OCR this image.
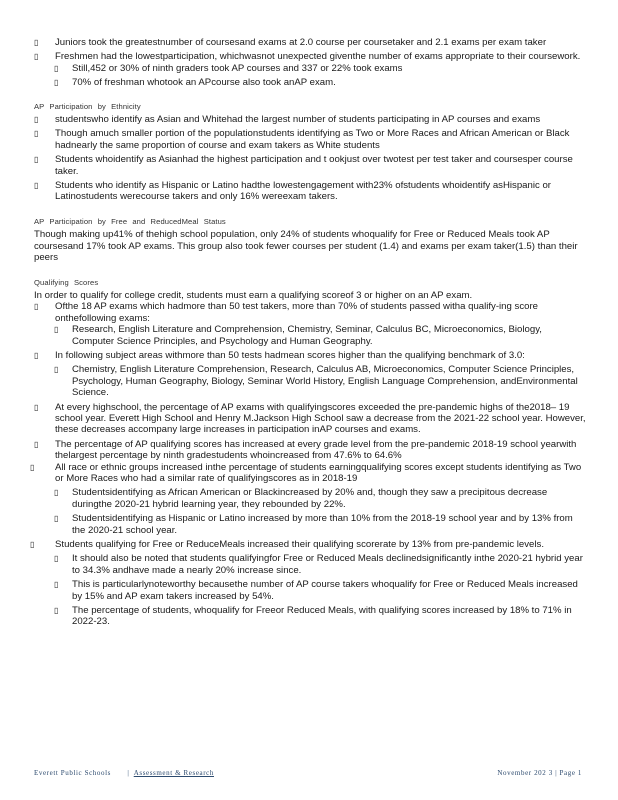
▯ Juniors took the greatestnumber of coursesand exams at 2.0 course per coursetaker and 2.1 exams per exam taker

▯ Freshmen had the lowestparticipation, whichwasnot unexpected giventhe number of exams appropriate to their coursework.

▯ Still,452 or 30% of ninth graders took AP courses and 337 or 22% took exams

▯ 70% of freshman whotook an APcourse also took anAP exam.

AP Participation by Ethnicity

▯ studentswho identify as Asian and Whitehad the largest number of students participating in AP courses and exams

▯ Though amuch smaller portion of the populationstudents identifying as Two or More Races and African American or Black hadnearly the same proportion of course and exam takers as White students

▯ Students whoidentify as Asianhad the highest participation and t ookjust over twotest per test taker and coursesper course taker.

▯ Students who identify as Hispanic or Latino hadthe lowestengagement with23% ofstudents whoidentify asHispanic or Latinostudents werecourse takers and only 16% wereexam takers.

AP Participation by Free and ReducedMeal Status

Though making up41% of thehigh school population, only 24% of students whoqualify for Free or Reduced Meals took AP coursesand 17% took AP exams. This group also took fewer courses per student (1.4) and exams per exam taker(1.5) than their peers

Qualifying Scores

In order to qualify for college credit, students must earn a qualifying scoreof 3 or higher on an AP exam.

▯ Ofthe 18 AP exams which hadmore than 50 test takers, more than 70% of students passed witha qualify-ing score onthefollowing exams:

▯ Research, English Literature and Comprehension, Chemistry, Seminar, Calculus BC, Microeconomics, Biology, Computer Science Principles, and Psychology and Human Geography.

▯ In following subject areas withmore than 50 tests hadmean scores higher than the qualifying benchmark of 3.0:

▯ Chemistry, English Literature Comprehension, Research, Calculus AB, Microeconomics, Computer Science Principles, Psychology, Human Geography, Biology, Seminar World History, English Language Comprehension, andEnvironmental Science.

▯ At every highschool, the percentage of AP exams with qualifyingscores exceeded the pre-pandemic highs of the2018– 19 school year. Everett High School and Henry M.Jackson High School saw a decrease from the 2021-22 school year. However, these decreases accompany large increases in participation inAP courses and exams.

▯ The percentage of AP qualifying scores has increased at every grade level from the pre-pandemic 2018-19 school yearwith thelargest percentage by ninth gradestudents whoincreased from 47.6% to 64.6%

▯ All race or ethnic groups increased inthe percentage of students earningqualifying scores except students identifying as Two or More Races who had a similar rate of qualifyingscores as in 2018-19

▯ Studentsidentifying as African American or Blackincreased by 20% and, though they saw a precipitous decrease duringthe 2020-21 hybrid learning year, they rebounded by 22%.

▯ Studentsidentifying as Hispanic or Latino increased by more than 10% from the 2018-19 school year and by 13% from the 2020-21 school year.

▯ Students qualifying for Free or ReduceMeals increased their qualifying scorerate by 13% from pre-pandemic levels.

▯ It should also be noted that students qualifyingfor Free or Reduced Meals declinedsignificantly inthe 2020-21 hybrid year to 34.3% andhave made a nearly 20% increase since.

▯ This is particularlynoteworthy becausethe number of AP course takers whoqualify for Free or Reduced Meals increased by 15% and AP exam takers increased by 54%.

▯ The percentage of students, whoqualify for Freeor Reduced Meals, with qualifying scores increased by 18% to 71% in 2022-23.

Everett Public Schools | Assessment & Research	November 202 3 | Page 1
